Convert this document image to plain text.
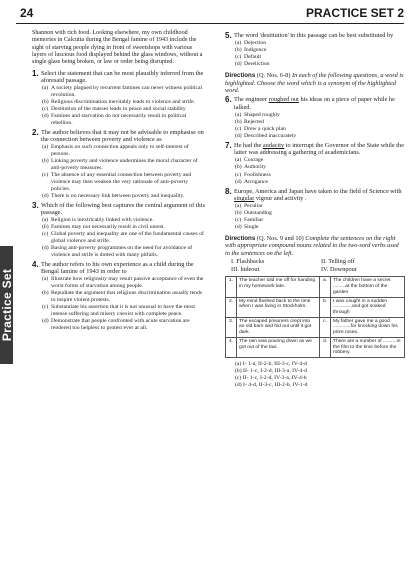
24	PRACTICE SET 2
Practice Set

Shannon with rich food. Looking elsewhere, my own childhood memories in Calcutta during the Bengal famine of 1943 include the sight of starving people dying in front of sweetshops with various layers of luscious food displayed behind the glass windows, without a single glass being broken, or law or order being disrupted.

1. Select the statement that can be most plausibly inferred from the aforesaid passage.

(a) A society plagued by recurrent famines can never witness political revolution.

(b) Religious discrimination inevitably leads to violence and strife.

(c) Destitution of the masses leads to peace and social stability

(d) Famines and starvation do not necessarily result in political rebellion.

2. The author believes that it may not be advisable to emphasise on the connection between poverty and violence as

(a) Emphasis on such connection appeals only to self-interest of persons.

(b) Linking poverty and violence undermines the moral character of anti-poverty measures.

(c) The absence of any essential connection between poverty and violence may then weaken the very rationale of anti-poverty policies.

(d) There is no necessary link between poverty and inequality.

3. Which of the following best captures the central argument of this passage.

(a) Religion is inextricably linked with violence.

(b) Famines may not necessarily result in civil unrest.

(c) Global poverty and inequality are one of the fundamental causes of global violence and strife.

(d) Basing anti-poverty programmes on the need for avoidance of violence and strife is dotted with many pitfalls.

4. The author refers to his own experience as a child during the Bengal famine of 1943 in order to

(a) Illustrate how religiosity may result passive acceptance of even the worst forms of starvation among people.

(b) Repudiate the argument that religious discrimination usually tends to inspire violent protests.

(c) Substantiate his assertion that it is not unusual to have the most intense suffering and misery coexist with complete peace.

(d) Demonstrate that people confronted with acute starvation are rendered too helpless to protest ever at all.

5. The word 'destitution' in this passage can be best substituted by

(a) Dejection

(b) Indigence

(c) Default

(d) Dereliction

Directions (Q. Nos. 6-8) In each of the following questions, a word is highlighted. Choose the word which is a synonym of the highlighted word.

6. The engineer roughed out his ideas on a piece of paper while he talked.

(a) Shaped roughly

(b) Rejected

(c) Drew a quick plan

(d) Described inaccurately

7. He had the audacity to interrupt the Governor of the State while the latter was addressing a gathering of academicians.

(a) Courage

(b) Authority

(c) Foolishness

(d) Arrogance

8. Europe, America and Japan have taken to the field of Science with singular vigour and activity .

(a) Peculiar

(b) Outstanding

(c) Familiar

(d) Single

Directions (Q. Nos. 9 and 10) Complete the sentences on the right with appropriate compound nouns related to the two-sord verbs used in the sentences on the left.

I. Flashbacks	II. Telling off
III. hideout	IV. Downpour
1.	The teacher told me off for handing in my homework late.	a.	The children have a secret .........at the bottom of the garden
2.	My mind flashed back to the time when I was living in Stockholm.	b.	I was caught in a sudden ..............and got soaked through
3.	The escaped prisoners crept into an old barn and hid out until it got dark.	c.	My father gave me a good .............for knocking down his prize roses.
4.	The rain was pouring down as we got out of the taxi.	d.	There are a number of ..........in the film to the time before the robbery.

(a) I- 1-a, II-2-b, III-3-c, IV-4-d

(b) II- 1-c, I-2-d, III-3-a, IV-4-d

(c) II- 1-c, I-2-d, IV-3-a, IV-4-b

(d) I- 4-d, II-3-c, III-2-b, IV-1-d
